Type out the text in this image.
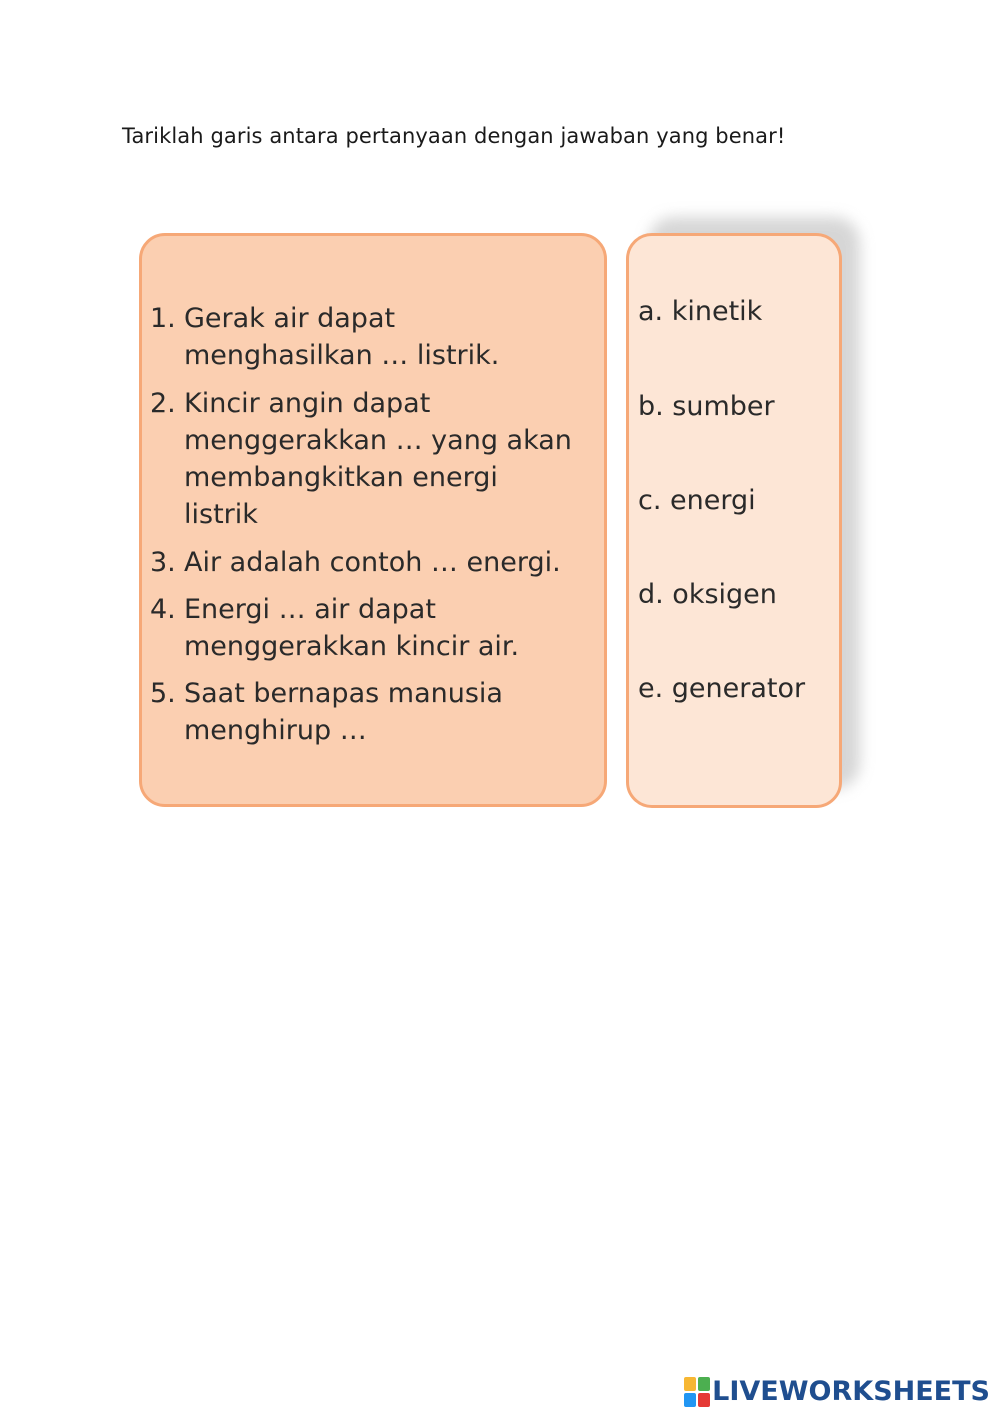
Tariklah garis antara pertanyaan dengan jawaban yang benar!
1. Gerak air dapat
menghasilkan … listrik.
2. Kincir angin dapat
menggerakkan … yang akan
membangkitkan energi
listrik
3. Air adalah contoh … energi.
4. Energi … air dapat
menggerakkan kincir air.
5. Saat bernapas manusia
menghirup …
a. kinetik
b. sumber
c. energi
d. oksigen
e. generator
LIVEWORKSHEETS
